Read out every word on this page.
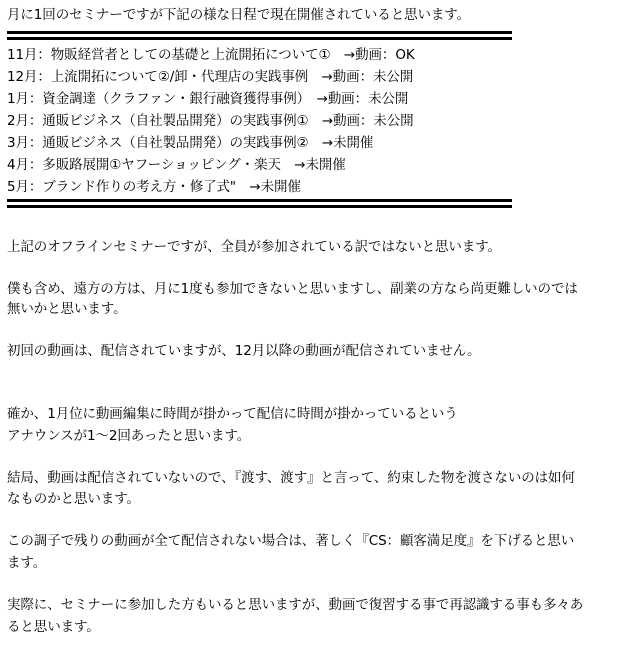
月に1回のセミナーですが下記の様な日程で現在開催されていると思います。
11月：物販経営者としての基礎と上流開拓について①　→動画：OK
12月：上流開拓について②/卸・代理店の実践事例　→動画：未公開
1月：資金調達（クラファン・銀行融資獲得事例）　→動画：未公開
2月：通販ビジネス（自社製品開発）の実践事例①　→動画：未公開
3月：通販ビジネス（自社製品開発）の実践事例②　→未開催
4月：多販路展開①ヤフーショッピング・楽天　→未開催
5月：ブランド作りの考え方・修了式"　→未開催
上記のオフラインセミナーですが、全員が参加されている訳ではないと思います。
僕も含め、遠方の方は、月に1度も参加できないと思いますし、副業の方なら尚更難しいのでは
無いかと思います。
初回の動画は、配信されていますが、12月以降の動画が配信されていません。
確か、1月位に動画編集に時間が掛かって配信に時間が掛かっているという
アナウンスが1～2回あったと思います。
結局、動画は配信されていないので、『渡す、渡す』と言って、約束した物を渡さないのは如何
なものかと思います。
この調子で残りの動画が全て配信されない場合は、著しく『CS：顧客満足度』を下げると思い
ます。
実際に、セミナーに参加した方もいると思いますが、動画で復習する事で再認識する事も多々あ
ると思います。
